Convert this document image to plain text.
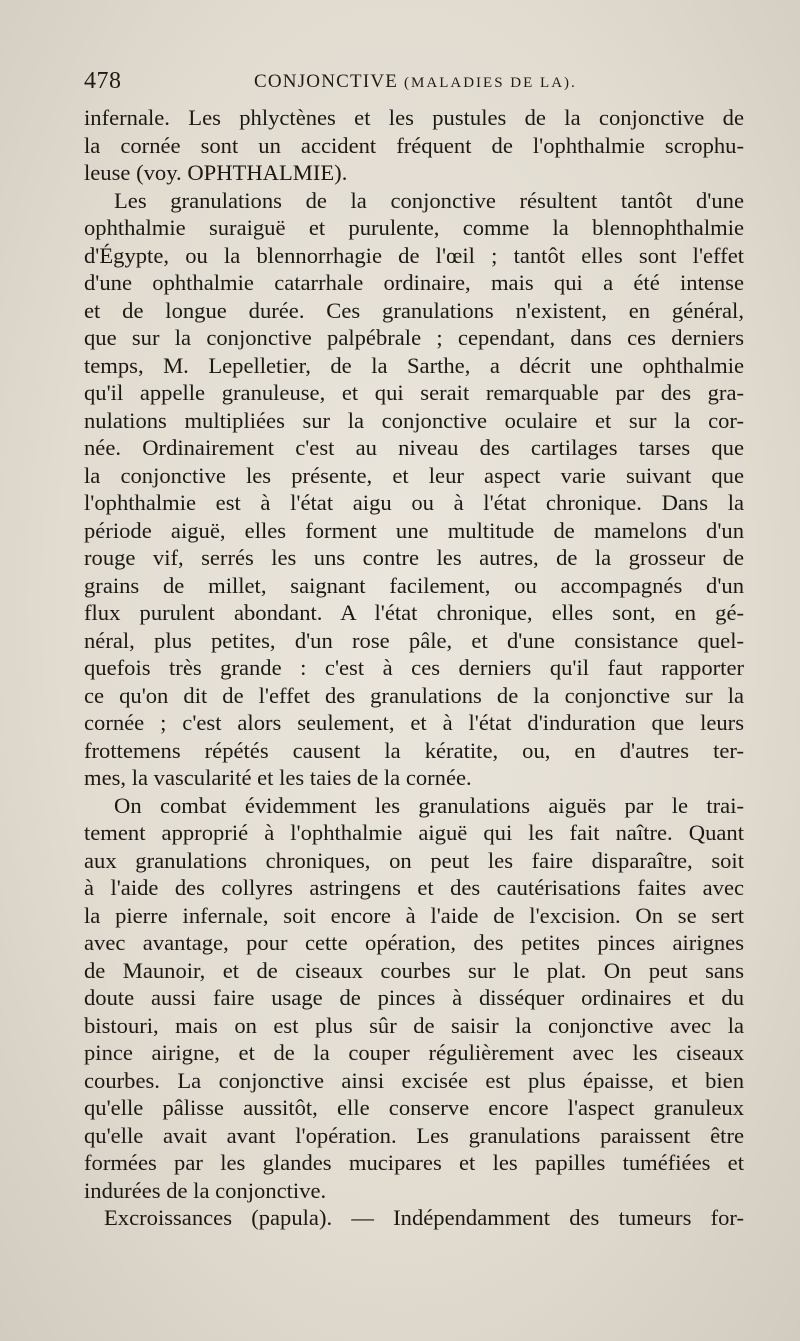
478	CONJONCTIVE (MALADIES DE LA).
infernale. Les phlyctènes et les pustules de la conjonctive de
la cornée sont un accident fréquent de l'ophthalmie scrophu-
leuse (voy. OPHTHALMIE).
Les granulations de la conjonctive résultent tantôt d'une
ophthalmie suraiguë et purulente, comme la blennophthalmie
d'Égypte, ou la blennorrhagie de l'œil ; tantôt elles sont l'effet
d'une ophthalmie catarrhale ordinaire, mais qui a été intense
et de longue durée. Ces granulations n'existent, en général,
que sur la conjonctive palpébrale ; cependant, dans ces derniers
temps, M. Lepelletier, de la Sarthe, a décrit une ophthalmie
qu'il appelle granuleuse, et qui serait remarquable par des gra-
nulations multipliées sur la conjonctive oculaire et sur la cor-
née. Ordinairement c'est au niveau des cartilages tarses que
la conjonctive les présente, et leur aspect varie suivant que
l'ophthalmie est à l'état aigu ou à l'état chronique. Dans la
période aiguë, elles forment une multitude de mamelons d'un
rouge vif, serrés les uns contre les autres, de la grosseur de
grains de millet, saignant facilement, ou accompagnés d'un
flux purulent abondant. A l'état chronique, elles sont, en gé-
néral, plus petites, d'un rose pâle, et d'une consistance quel-
quefois très grande : c'est à ces derniers qu'il faut rapporter
ce qu'on dit de l'effet des granulations de la conjonctive sur la
cornée ; c'est alors seulement, et à l'état d'induration que leurs
frottemens répétés causent la kératite, ou, en d'autres ter-
mes, la vascularité et les taies de la cornée.
On combat évidemment les granulations aiguës par le trai-
tement approprié à l'ophthalmie aiguë qui les fait naître. Quant
aux granulations chroniques, on peut les faire disparaître, soit
à l'aide des collyres astringens et des cautérisations faites avec
la pierre infernale, soit encore à l'aide de l'excision. On se sert
avec avantage, pour cette opération, des petites pinces airignes
de Maunoir, et de ciseaux courbes sur le plat. On peut sans
doute aussi faire usage de pinces à disséquer ordinaires et du
bistouri, mais on est plus sûr de saisir la conjonctive avec la
pince airigne, et de la couper régulièrement avec les ciseaux
courbes. La conjonctive ainsi excisée est plus épaisse, et bien
qu'elle pâlisse aussitôt, elle conserve encore l'aspect granuleux
qu'elle avait avant l'opération. Les granulations paraissent être
formées par les glandes mucipares et les papilles tuméfiées et
indurées de la conjonctive.
Excroissances (papula). — Indépendamment des tumeurs for-
